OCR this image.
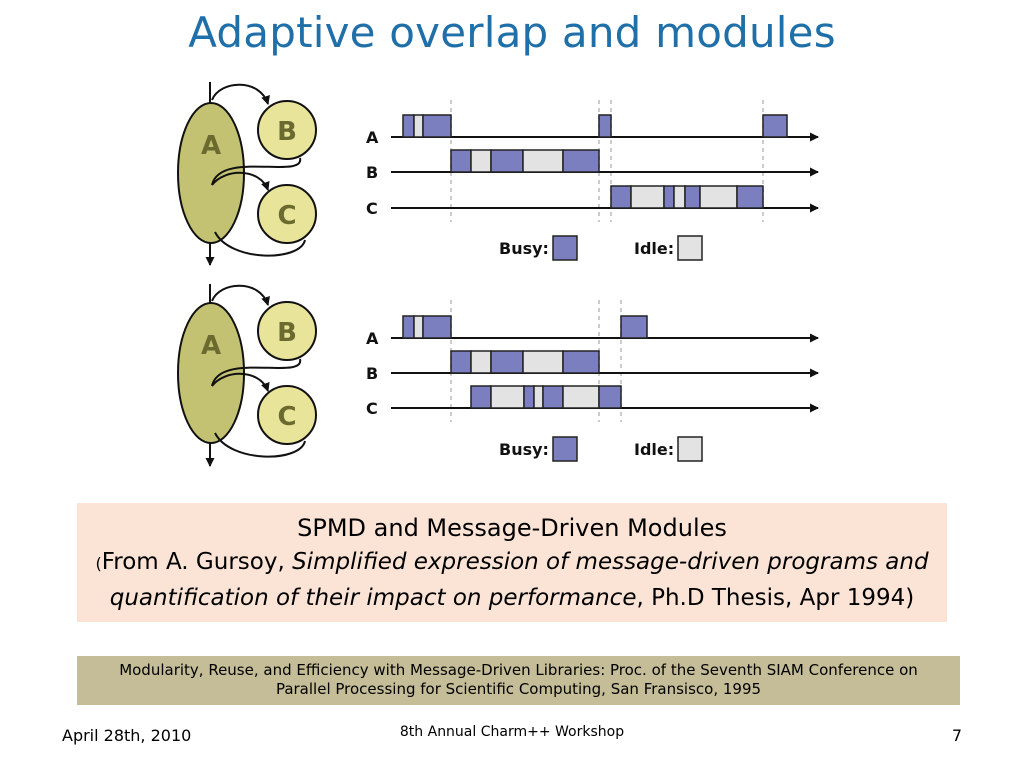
Adaptive overlap and modules
A B
C
A
B
C
Busy:	Idle:
A B
C
A
B
C
Busy:	Idle:
SPMD and Message-Driven Modules
(From A. Gursoy, Simplified expression of message-driven programs and quantification of their impact on performance, Ph.D Thesis, Apr 1994)
Modularity, Reuse, and Efficiency with Message-Driven Libraries: Proc. of the Seventh SIAM Conference on
Parallel Processing for Scientific Computing, San Fransisco, 1995
April 28th, 2010	8th Annual Charm++ Workshop	7
